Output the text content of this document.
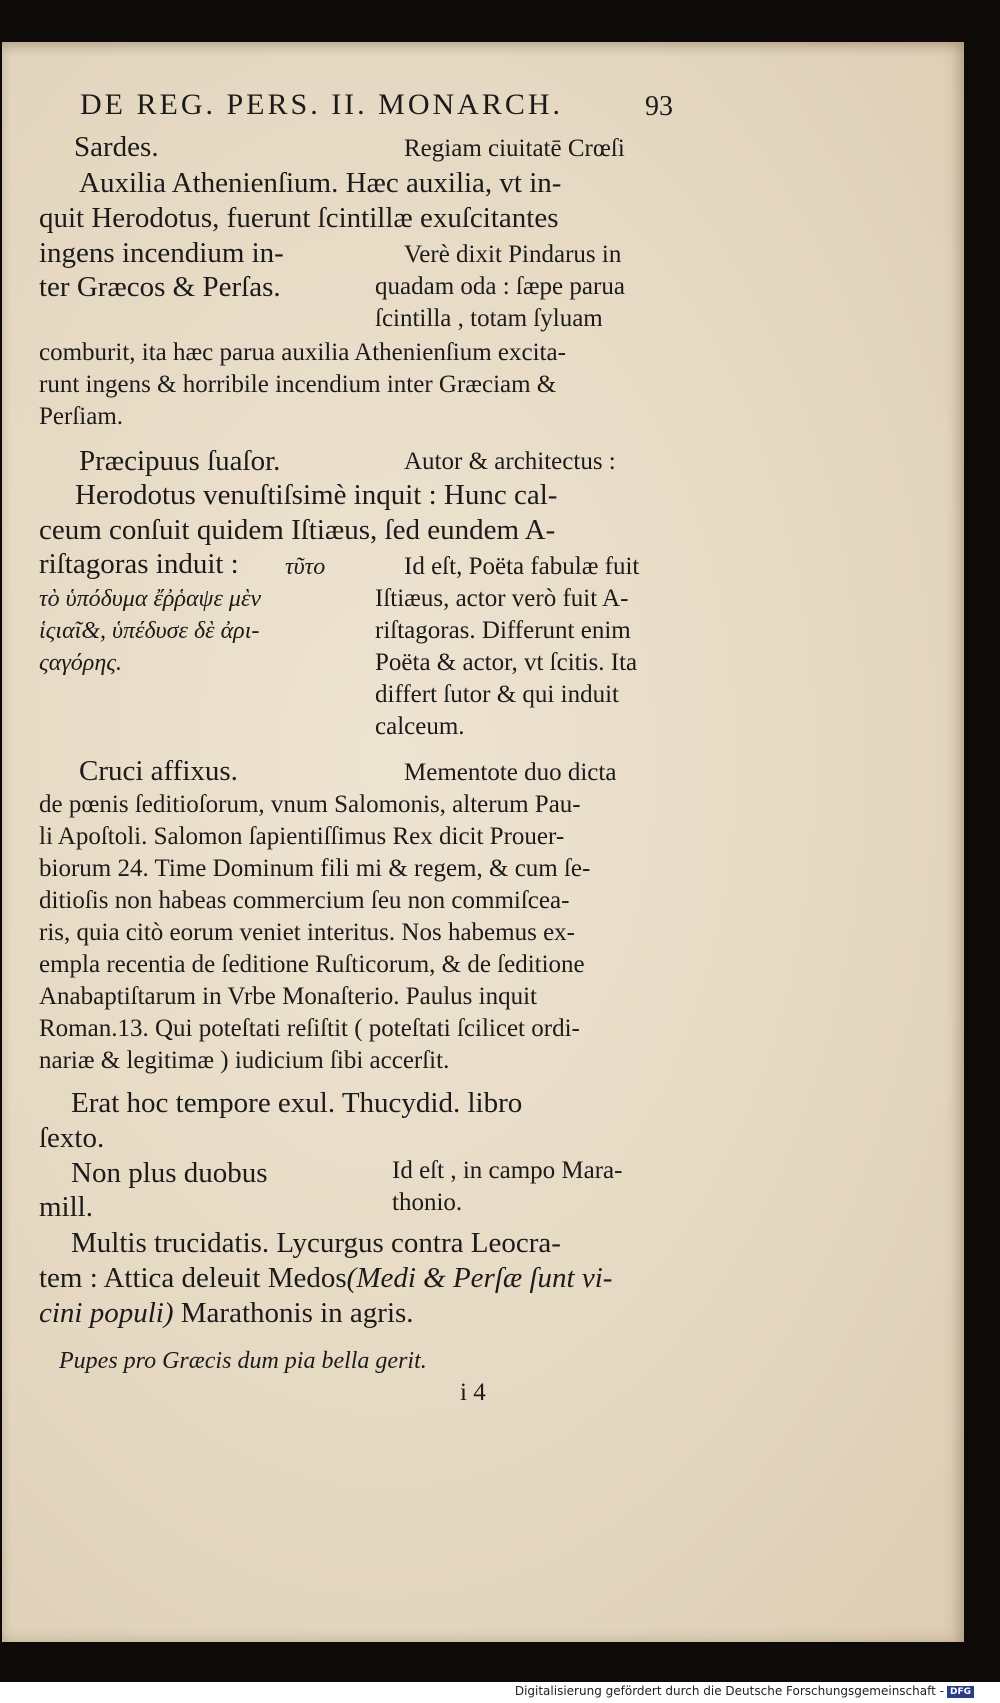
DE REG. PERS. II. MONARCH.	93
Sardes.	Regiam ciuitatē Crœſi
Auxilia Athenienſium. Hæc auxilia, vt in-
quit Herodotus, fuerunt ſcintillæ exuſcitantes
ingens incendium in-	Verè dixit Pindarus in
ter Græcos & Perſas.	quadam oda : ſæpe parua
ſcintilla , totam ſyluam
comburit, ita hæc parua auxilia Athenienſium excita-
runt ingens & horribile incendium inter Græciam &
Perſiam.
Præcipuus ſuaſor.	Autor & architectus :
Herodotus venuſtiſsimè inquit : Hunc cal-
ceum conſuit quidem Iſtiæus, ſed eundem A-
riſtagoras induit : τῦτο	Id eſt, Poëta fabulæ fuit
τὸ ὑπόδυμα ἔῤῥαψε μὲν	Iſtiæus, actor verò fuit A-
ἱςιαῖ&, ὑπέδυσε δὲ ἀρι-	riſtagoras. Differunt enim
ςαγόρης.	Poëta & actor, vt ſcitis. Ita
differt ſutor & qui induit
calceum.
Cruci affixus.	Mementote duo dicta
de pœnis ſeditioſorum, vnum Salomonis, alterum Pau-
li Apoſtoli. Salomon ſapientiſſimus Rex dicit Prouer-
biorum 24. Time Dominum fili mi & regem, & cum ſe-
ditioſis non habeas commercium ſeu non commiſcea-
ris, quia citò eorum veniet interitus. Nos habemus ex-
empla recentia de ſeditione Ruſticorum, & de ſeditione
Anabaptiſtarum in Vrbe Monaſterio. Paulus inquit
Roman.13. Qui poteſtati reſiſtit ( poteſtati ſcilicet ordi-
nariæ & legitimæ ) iudicium ſibi accerſit.
Erat hoc tempore exul. Thucydid. libro
ſexto.
Non plus duobus	Id eſt , in campo Mara-
mill.	thonio.
Multis trucidatis. Lycurgus contra Leocra-
tem : Attica deleuit Medos(Medi & Perſæ ſunt vi-
cini populi) Marathonis in agris.
Pupes pro Græcis dum pia bella gerit.
i 4
Digitalisierung gefördert durch die Deutsche Forschungsgemeinschaft - DFG
